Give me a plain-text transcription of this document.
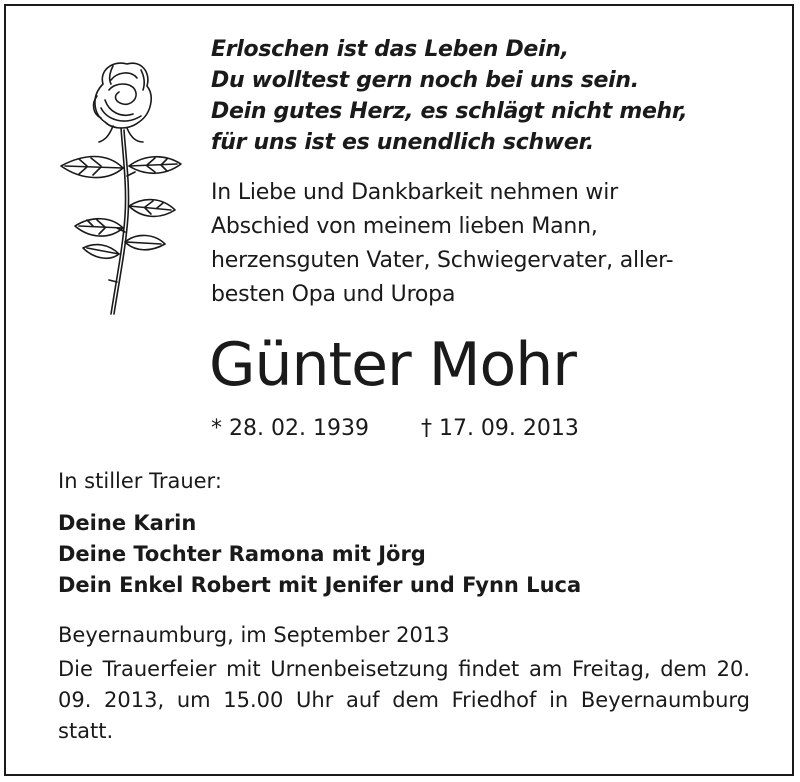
Erloschen ist das Leben Dein,
Du wolltest gern noch bei uns sein.
Dein gutes Herz, es schlägt nicht mehr,
für uns ist es unendlich schwer.
In Liebe und Dankbarkeit nehmen wir
Abschied von meinem lieben Mann,
herzensguten Vater, Schwiegervater, aller-
besten Opa und Uropa
Günter Mohr
* 28. 02. 1939 † 17. 09. 2013
In stiller Trauer:
Deine Karin
Deine Tochter Ramona mit Jörg
Dein Enkel Robert mit Jenifer und Fynn Luca
Beyernaumburg, im September 2013
Die Trauerfeier mit Urnenbeisetzung findet am Freitag, dem 20. 09. 2013, um 15.00 Uhr auf dem Friedhof in Beyernaumburg statt.
